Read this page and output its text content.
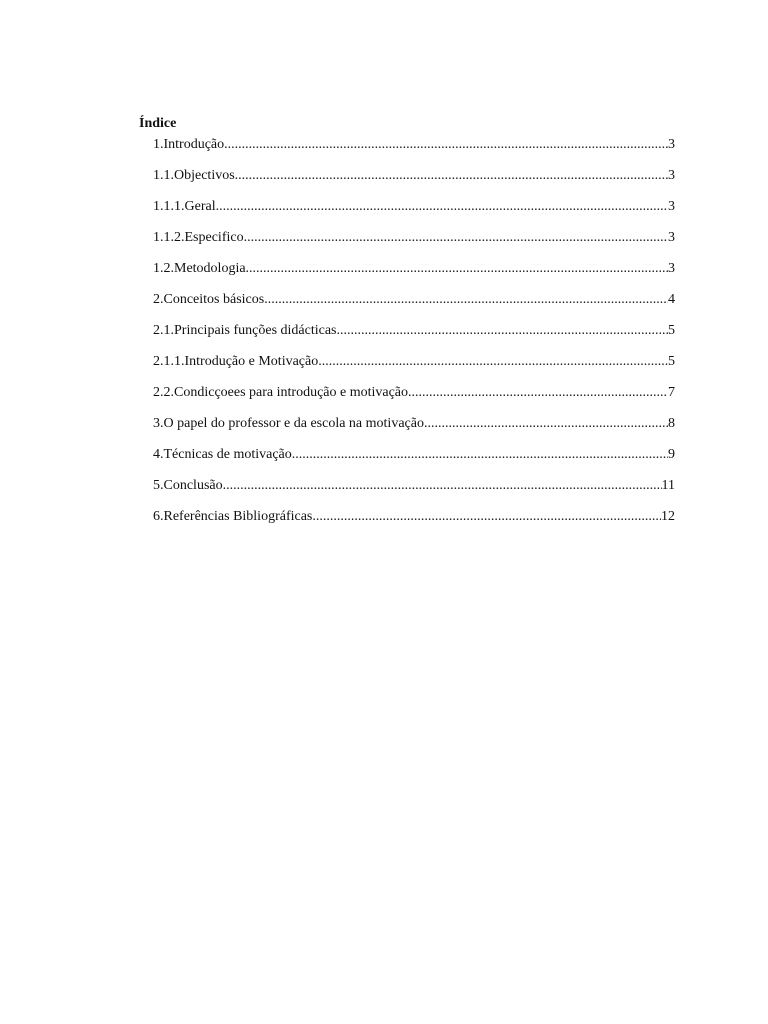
Índice
1.Introdução .....	3
1.1.Objectivos .....	3
1.1.1.Geral .....	3
1.1.2.Especifico .....	3
1.2.Metodologia .....	3
2.Conceitos básicos .....	4
2.1.Principais funções didácticas .....	5
2.1.1.Introdução e Motivação .....	5
2.2.Condicçoees para introdução e motivação .....	7
3.O papel do professor e da escola na motivação .....	8
4.Técnicas de motivação .....	9
5.Conclusão .....	11
6.Referências Bibliográficas .....	12
